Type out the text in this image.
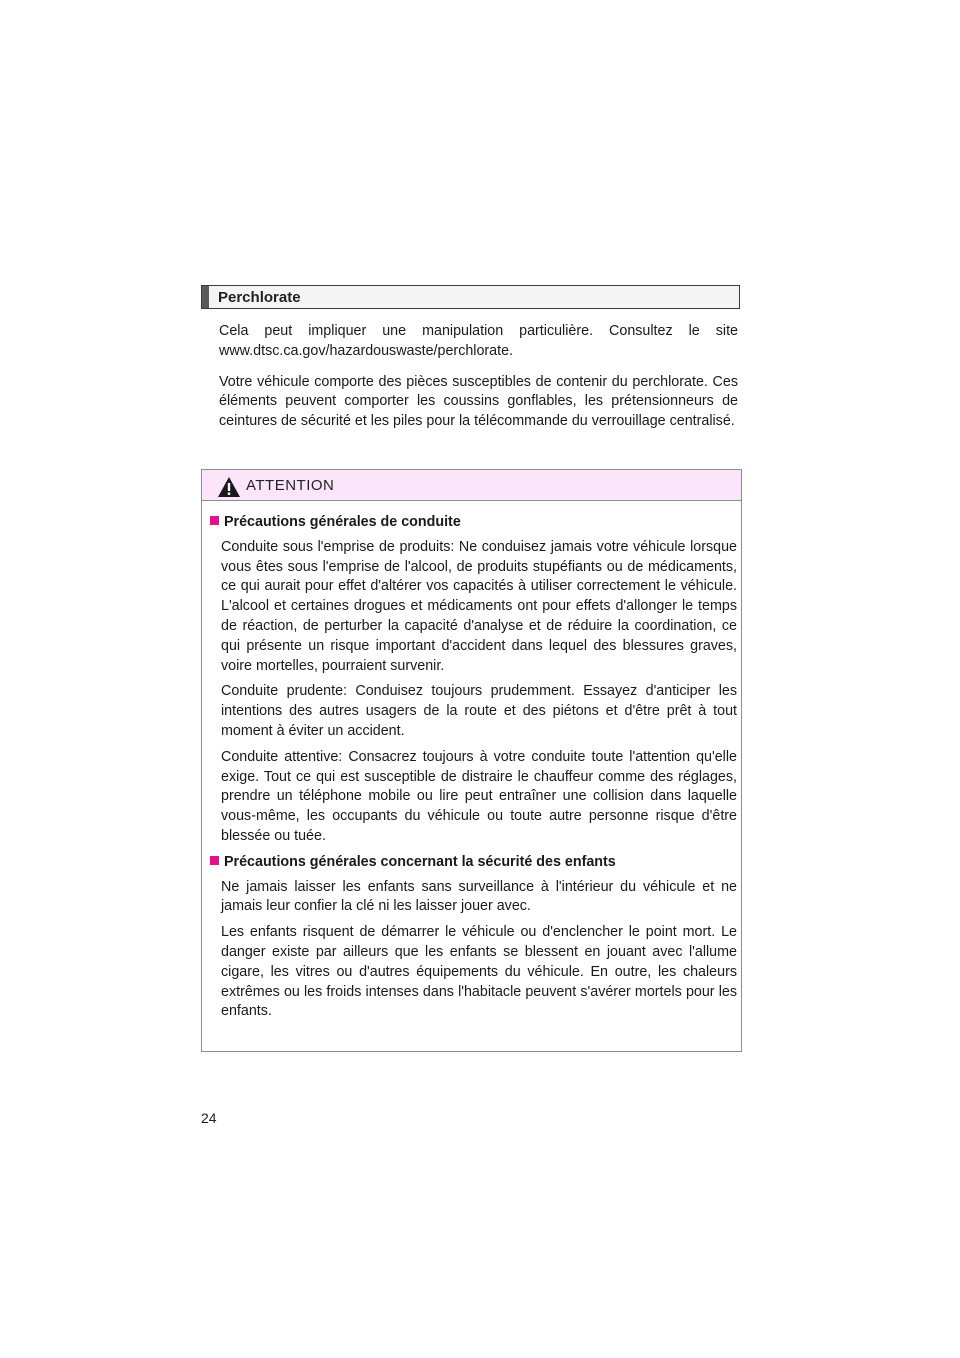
Perchlorate

Cela peut impliquer une manipulation particulière. Consultez le site www.dtsc.ca.gov/hazardouswaste/perchlorate.

Votre véhicule comporte des pièces susceptibles de contenir du perchlorate. Ces éléments peuvent comporter les coussins gonflables, les prétensionneurs de ceintures de sécurité et les piles pour la télécommande du verrouillage centralisé.

ATTENTION
Précautions générales de conduite

Conduite sous l'emprise de produits: Ne conduisez jamais votre véhicule lorsque vous êtes sous l'emprise de l'alcool, de produits stupéfiants ou de médicaments, ce qui aurait pour effet d'altérer vos capacités à utiliser correctement le véhicule. L'alcool et certaines drogues et médicaments ont pour effets d'allonger le temps de réaction, de perturber la capacité d'analyse et de réduire la coordination, ce qui présente un risque important d'accident dans lequel des blessures graves, voire mortelles, pourraient survenir.

Conduite prudente: Conduisez toujours prudemment. Essayez d'anticiper les intentions des autres usagers de la route et des piétons et d'être prêt à tout moment à éviter un accident.

Conduite attentive: Consacrez toujours à votre conduite toute l'attention qu'elle exige. Tout ce qui est susceptible de distraire le chauffeur comme des réglages, prendre un téléphone mobile ou lire peut entraîner une collision dans laquelle vous-même, les occupants du véhicule ou toute autre personne risque d'être blessée ou tuée.

Précautions générales concernant la sécurité des enfants

Ne jamais laisser les enfants sans surveillance à l'intérieur du véhicule et ne jamais leur confier la clé ni les laisser jouer avec.

Les enfants risquent de démarrer le véhicule ou d'enclencher le point mort. Le danger existe par ailleurs que les enfants se blessent en jouant avec l'allume cigare, les vitres ou d'autres équipements du véhicule. En outre, les chaleurs extrêmes ou les froids intenses dans l'habitacle peuvent s'avérer mortels pour les enfants.

24
